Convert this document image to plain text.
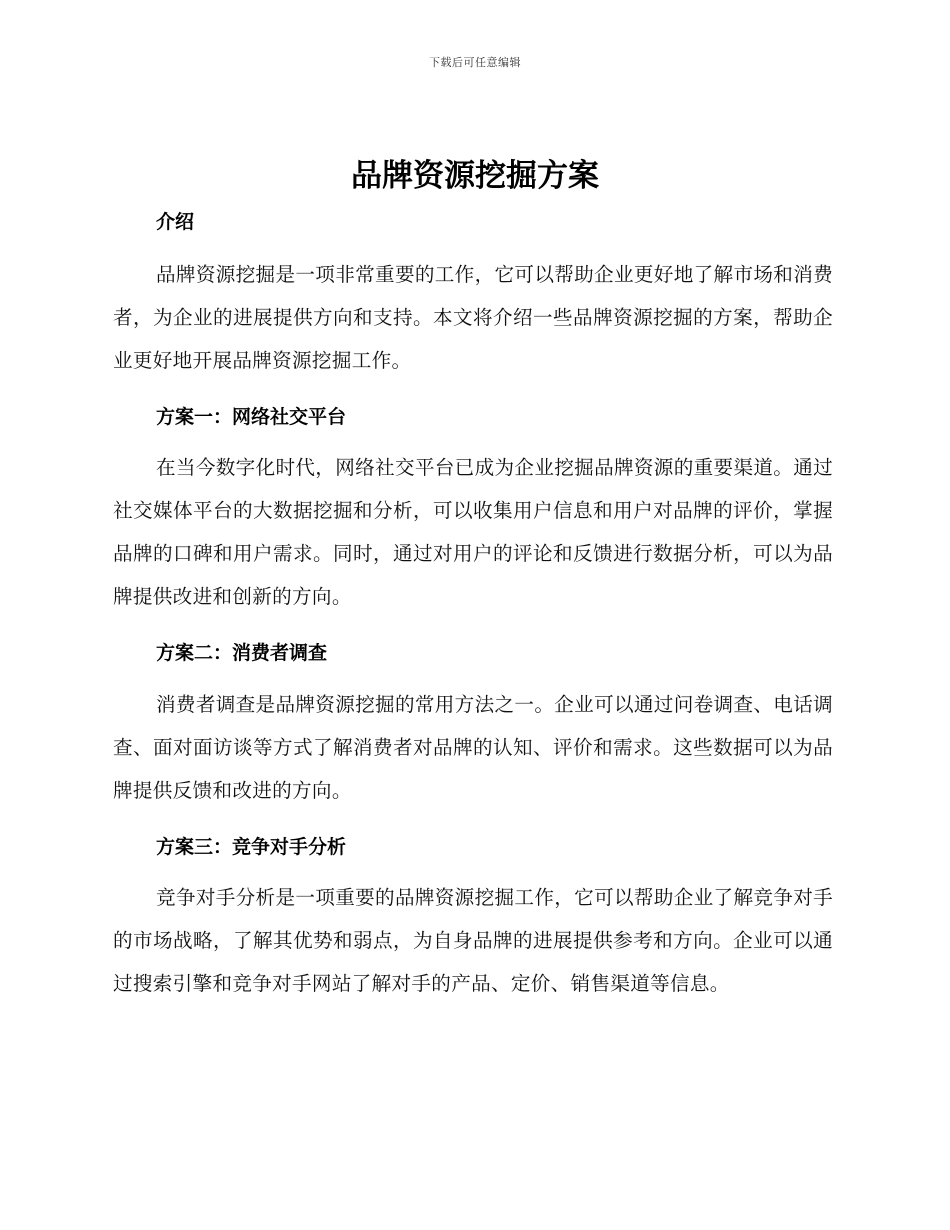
下载后可任意编辑
品牌资源挖掘方案
介绍

品牌资源挖掘是一项非常重要的工作，它可以帮助企业更好地了解市场和消费者，为企业的进展提供方向和支持。本文将介绍一些品牌资源挖掘的方案，帮助企业更好地开展品牌资源挖掘工作。

方案一：网络社交平台

在当今数字化时代，网络社交平台已成为企业挖掘品牌资源的重要渠道。通过社交媒体平台的大数据挖掘和分析，可以收集用户信息和用户对品牌的评价，掌握品牌的口碑和用户需求。同时，通过对用户的评论和反馈进行数据分析，可以为品牌提供改进和创新的方向。

方案二：消费者调查

消费者调查是品牌资源挖掘的常用方法之一。企业可以通过问卷调查、电话调查、面对面访谈等方式了解消费者对品牌的认知、评价和需求。这些数据可以为品牌提供反馈和改进的方向。

方案三：竞争对手分析

竞争对手分析是一项重要的品牌资源挖掘工作，它可以帮助企业了解竞争对手的市场战略，了解其优势和弱点，为自身品牌的进展提供参考和方向。企业可以通过搜索引擎和竞争对手网站了解对手的产品、定价、销售渠道等信息。
